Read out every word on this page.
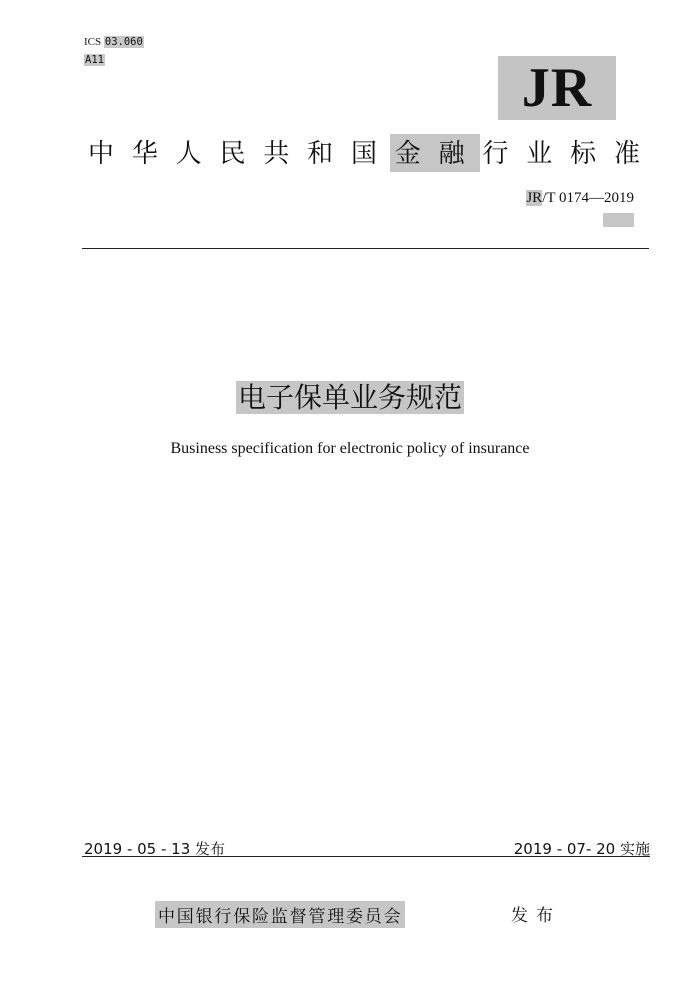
ICS 03.060
A11	JR
中 华 人 民 共 和 国 金 融 行 业 标 准
JR/T 0174—2019
电子保单业务规范
Business specification for electronic policy of insurance
2019 - 05 - 13 发布	2019 - 07- 20 实施
中国银行保险监督管理委员会	发布
